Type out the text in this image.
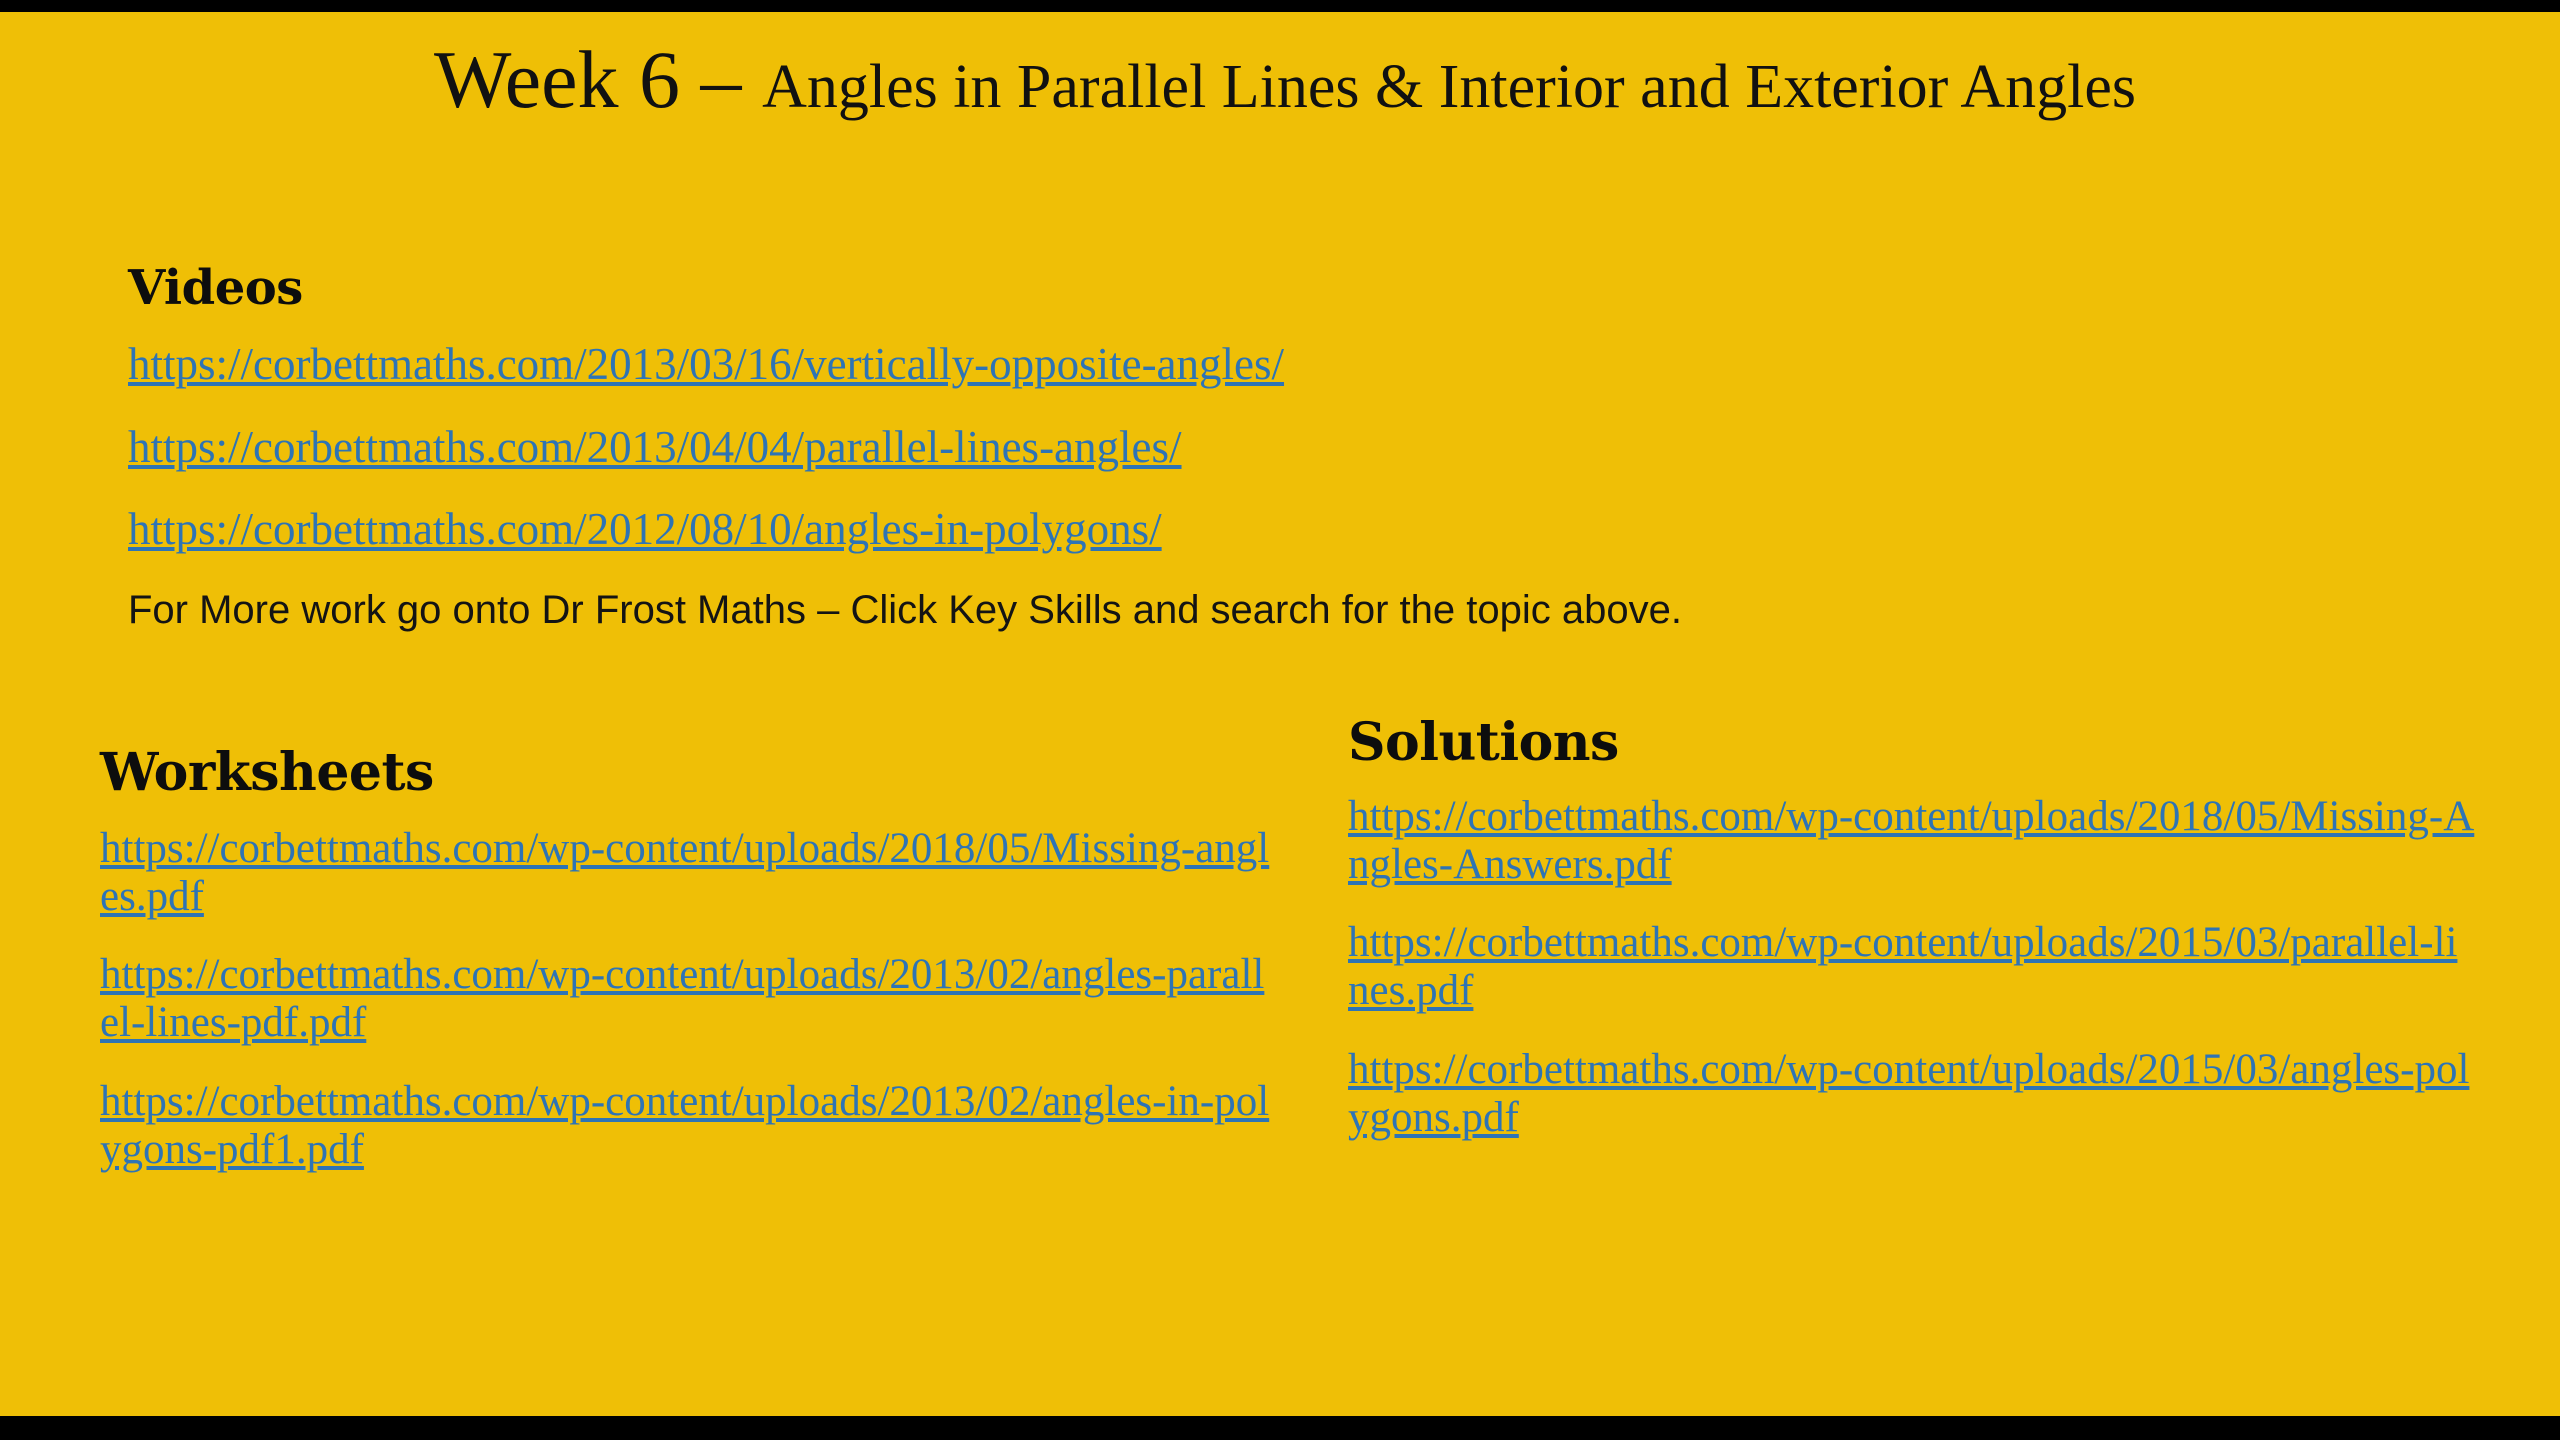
Week 6 – Angles in Parallel Lines & Interior and Exterior Angles
Videos
https://corbettmaths.com/2013/03/16/vertically-opposite-angles/
https://corbettmaths.com/2013/04/04/parallel-lines-angles/
https://corbettmaths.com/2012/08/10/angles-in-polygons/
For More work go onto Dr Frost Maths – Click Key Skills and search for the topic above.
Worksheets
https://corbettmaths.com/wp-content/uploads/2018/05/Missing-angles.pdf
https://corbettmaths.com/wp-content/uploads/2013/02/angles-parallel-lines-pdf.pdf
https://corbettmaths.com/wp-content/uploads/2013/02/angles-in-polygons-pdf1.pdf
Solutions
https://corbettmaths.com/wp-content/uploads/2018/05/Missing-Angles-Answers.pdf
https://corbettmaths.com/wp-content/uploads/2015/03/parallel-lines.pdf
https://corbettmaths.com/wp-content/uploads/2015/03/angles-polygons.pdf
